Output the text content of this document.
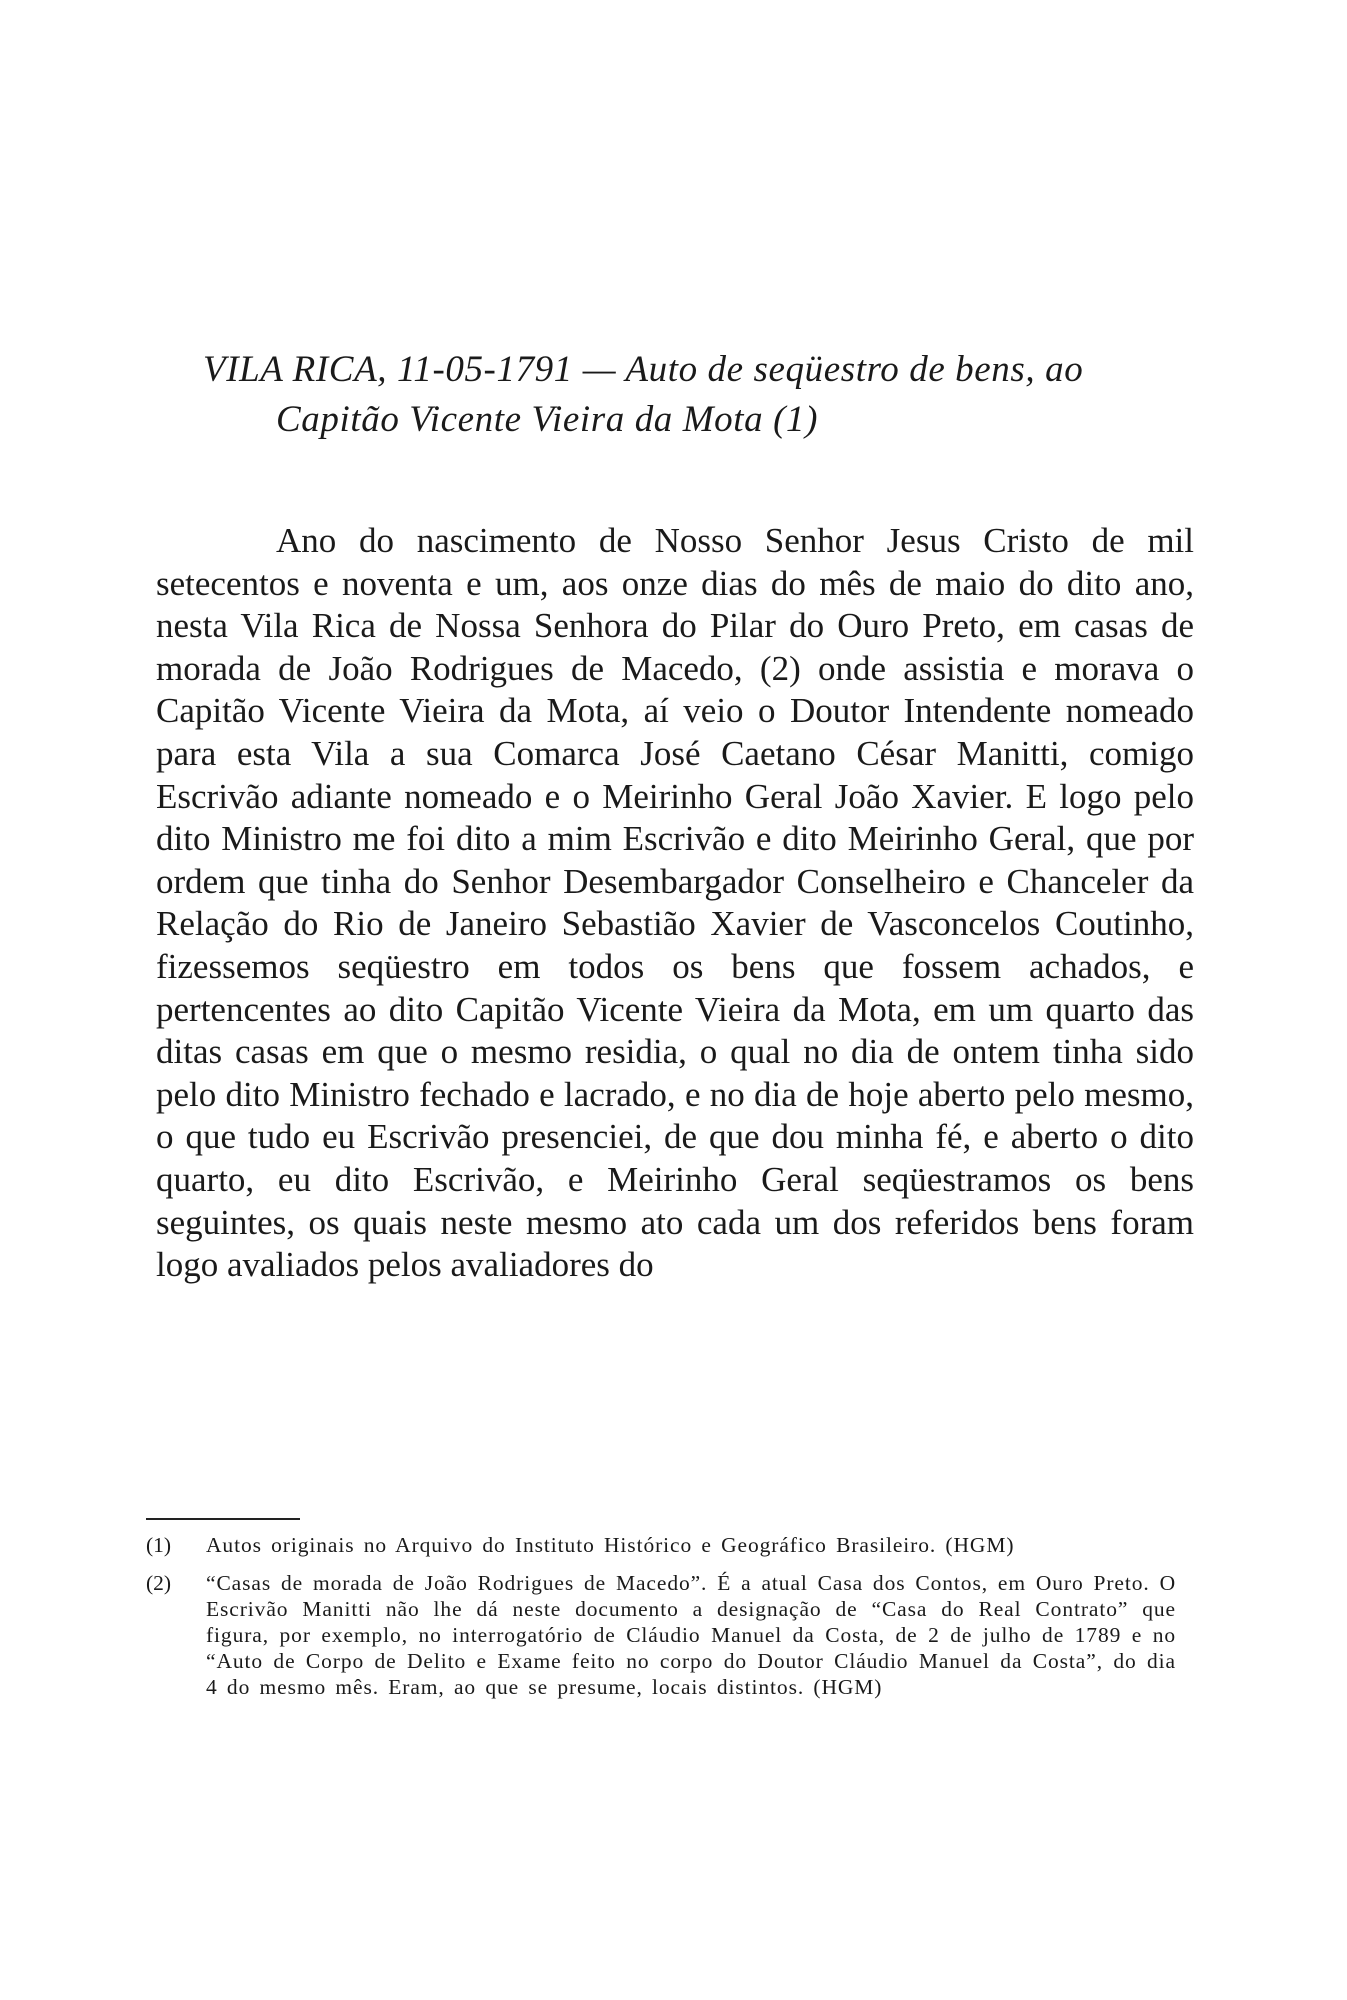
VILA RICA, 11-05-1791 — Auto de seqüestro de bens, ao
Capitão Vicente Vieira da Mota (1)

Ano do nascimento de Nosso Senhor Jesus Cristo de mil setecentos e noventa e um, aos onze dias do mês de maio do dito ano, nesta Vila Rica de Nossa Senhora do Pilar do Ouro Preto, em casas de morada de João Rodrigues de Macedo, (2) onde assistia e morava o Capitão Vicente Vieira da Mota, aí veio o Doutor Intendente nomeado para esta Vila a sua Comarca José Caetano César Manitti, comigo Escrivão adiante nomeado e o Meirinho Geral João Xavier. E logo pelo dito Ministro me foi dito a mim Escrivão e dito Meirinho Geral, que por ordem que tinha do Senhor Desembargador Conselheiro e Chanceler da Relação do Rio de Janeiro Sebastião Xavier de Vasconcelos Coutinho, fizessemos seqüestro em todos os bens que fossem achados, e pertencentes ao dito Capitão Vicente Vieira da Mota, em um quarto das ditas casas em que o mesmo residia, o qual no dia de ontem tinha sido pelo dito Ministro fechado e lacrado, e no dia de hoje aberto pelo mesmo, o que tudo eu Escrivão presenciei, de que dou minha fé, e aberto o dito quarto, eu dito Escrivão, e Meirinho Geral seqüestramos os bens seguintes, os quais neste mesmo ato cada um dos referidos bens foram logo avaliados pelos avaliadores do

(1)	Autos originais no Arquivo do Instituto Histórico e Geográfico Brasileiro. (HGM)
(2)	“Casas de morada de João Rodrigues de Macedo”. É a atual Casa dos Contos, em Ouro Preto. O Escrivão Manitti não lhe dá neste documento a designação de “Casa do Real Contrato” que figura, por exemplo, no interrogatório de Cláudio Manuel da Costa, de 2 de julho de 1789 e no “Auto de Corpo de Delito e Exame feito no corpo do Doutor Cláudio Manuel da Costa”, do dia 4 do mesmo mês. Eram, ao que se presume, locais distintos. (HGM)
